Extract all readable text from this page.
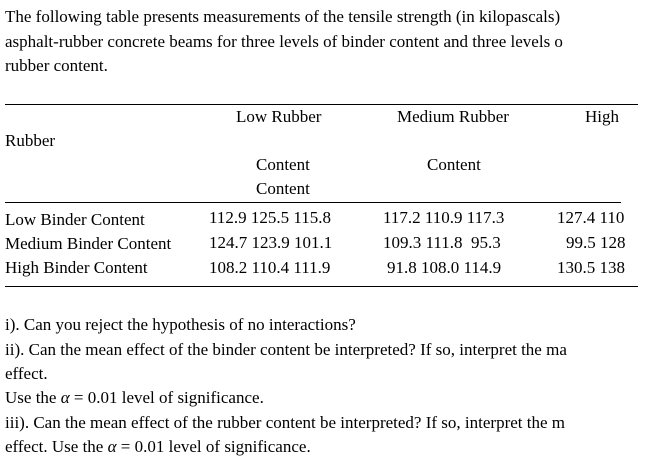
The following table presents measurements of the tensile strength (in kilopascals)
asphalt-rubber concrete beams for three levels of binder content and three levels o
rubber content.
Low Rubber	Medium Rubber	High
Rubber
Content	Content
Content
Low Binder Content	112.9 125.5 115.8	117.2 110.9 117.3	127.4 110
Medium Binder Content 124.7 123.9 101.1	109.3 111.8  95.3	99.5 128
High Binder Content	108.2 110.4 111.9	91.8 108.0 114.9	130.5 138
i). Can you reject the hypothesis of no interactions?
ii). Can the mean effect of the binder content be interpreted? If so, interpret the ma
effect.
Use the α = 0.01 level of significance.
iii). Can the mean effect of the rubber content be interpreted? If so, interpret the m
effect. Use the α = 0.01 level of significance.
